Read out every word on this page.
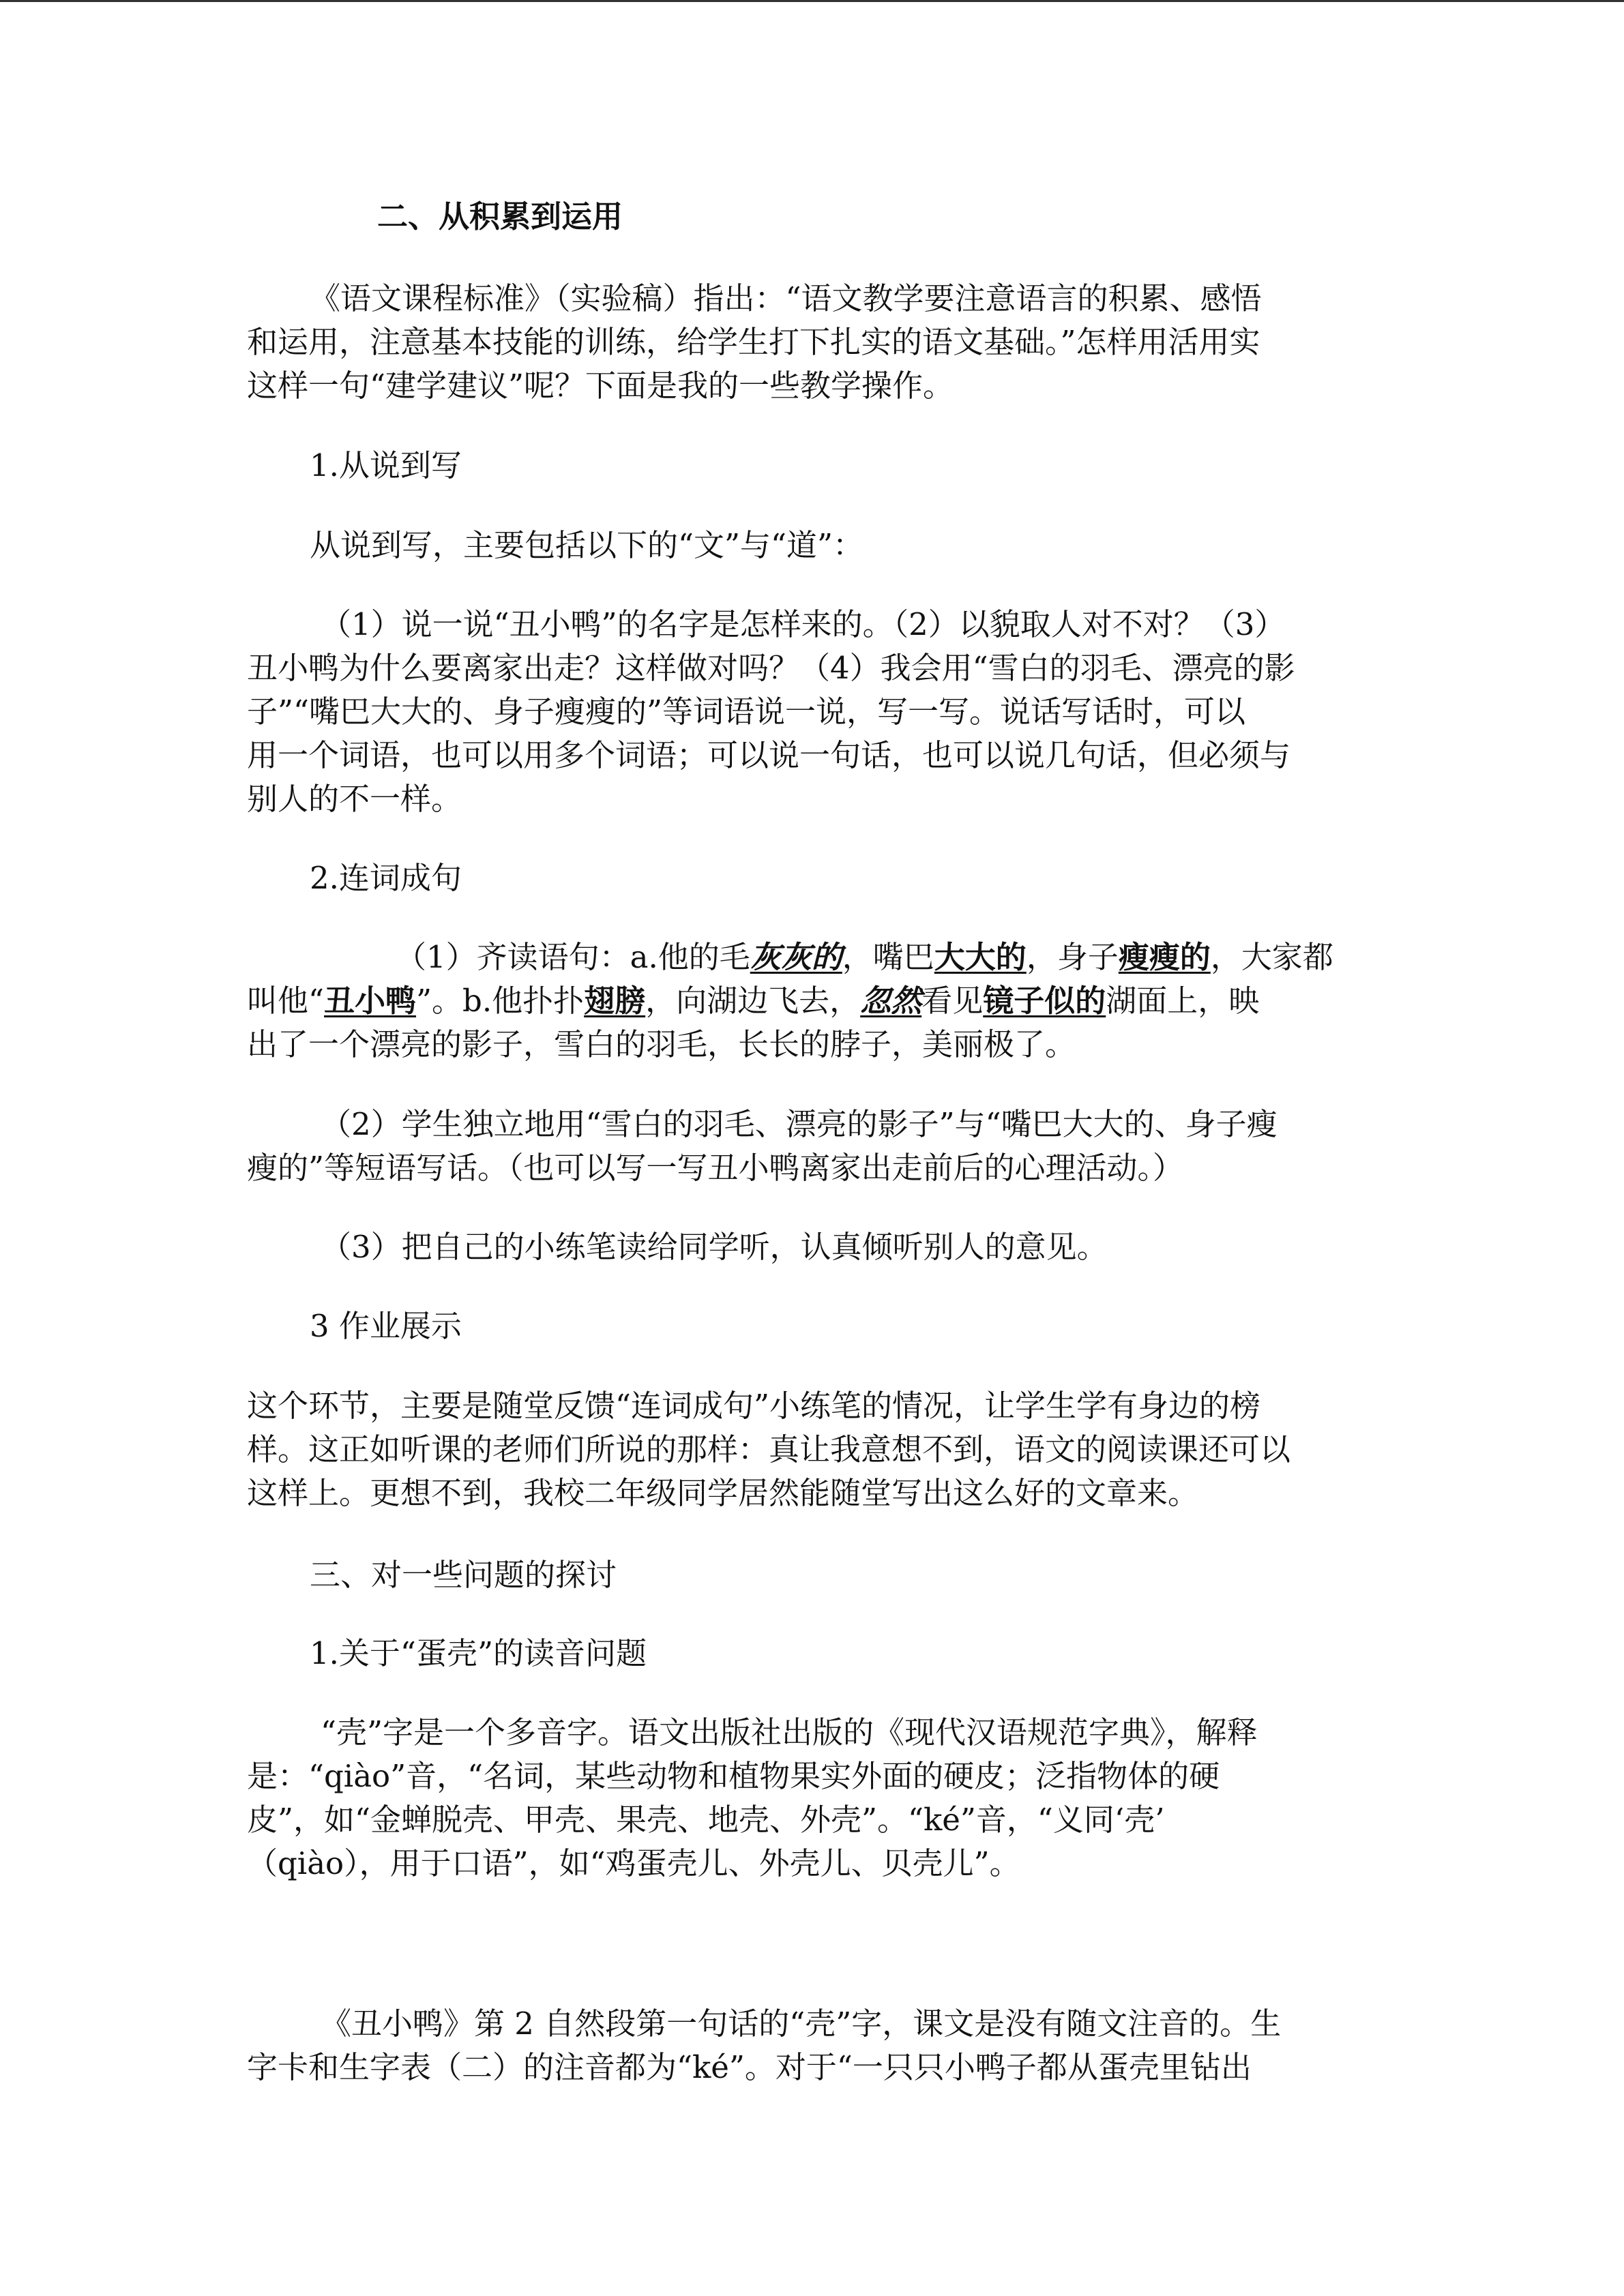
二、从积累到运用
《语文课程标准》（实验稿）指出：“语文教学要注意语言的积累、感悟
和运用，注意基本技能的训练，给学生打下扎实的语文基础。”怎样用活用实
这样一句“建学建议”呢？下面是我的一些教学操作。
1.从说到写
从说到写，主要包括以下的“文”与“道”：
（1）说一说“丑小鸭”的名字是怎样来的。（2）以貌取人对不对？（3）
丑小鸭为什么要离家出走？这样做对吗？（4）我会用“雪白的羽毛、漂亮的影
子”“嘴巴大大的、身子瘦瘦的”等词语说一说，写一写。说话写话时，可以
用一个词语，也可以用多个词语；可以说一句话，也可以说几句话，但必须与
别人的不一样。
2.连词成句
（1）齐读语句：a.他的毛灰灰的，嘴巴大大的，身子瘦瘦的，大家都
叫他“丑小鸭”。b.他扑扑翅膀，向湖边飞去，忽然看见镜子似的湖面上，映
出了一个漂亮的影子，雪白的羽毛，长长的脖子，美丽极了。
（2）学生独立地用“雪白的羽毛、漂亮的影子”与“嘴巴大大的、身子瘦
瘦的”等短语写话。（也可以写一写丑小鸭离家出走前后的心理活动。）
（3）把自己的小练笔读给同学听，认真倾听别人的意见。
3 作业展示
这个环节，主要是随堂反馈“连词成句”小练笔的情况，让学生学有身边的榜
样。这正如听课的老师们所说的那样：真让我意想不到，语文的阅读课还可以
这样上。更想不到，我校二年级同学居然能随堂写出这么好的文章来。
三、对一些问题的探讨
1.关于“蛋壳”的读音问题
“壳”字是一个多音字。语文出版社出版的《现代汉语规范字典》，解释
是：“qiào”音，“名词，某些动物和植物果实外面的硬皮；泛指物体的硬
皮”，如“金蝉脱壳、甲壳、果壳、地壳、外壳”。“ké”音，“义同‘壳’
（qiào），用于口语”，如“鸡蛋壳儿、外壳儿、贝壳儿”。
《丑小鸭》第 2 自然段第一句话的“壳”字，课文是没有随文注音的。生
字卡和生字表（二）的注音都为“ké”。对于“一只只小鸭子都从蛋壳里钻出
